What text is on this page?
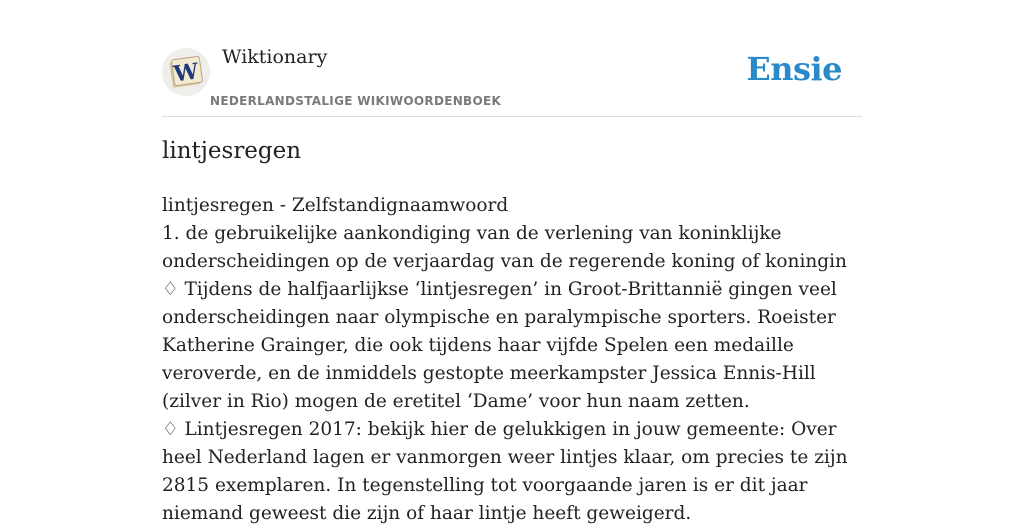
W
Wiktionary
NEDERLANDSTALIGE WIKIWOORDENBOEK
Ensie
lintjesregen

lintjesregen - Zelfstandignaamwoord

1. de gebruikelijke aankondiging van de verlening van koninklijke onderscheidingen op de verjaardag van de regerende koning of koningin

♢ Tijdens de halfjaarlijkse ‘lintjesregen’ in Groot-Brittannië gingen veel onderscheidingen naar olympische en paralympische sporters. Roeister Katherine Grainger, die ook tijdens haar vijfde Spelen een medaille veroverde, en de inmiddels gestopte meerkampster Jessica Ennis-Hill (zilver in Rio) mogen de eretitel ‘Dame’ voor hun naam zetten.

♢ Lintjesregen 2017: bekijk hier de gelukkigen in jouw gemeente: Over heel Nederland lagen er vanmorgen weer lintjes klaar, om precies te zijn 2815 exemplaren. In tegenstelling tot voorgaande jaren is er dit jaar niemand geweest die zijn of haar lintje heeft geweigerd.
